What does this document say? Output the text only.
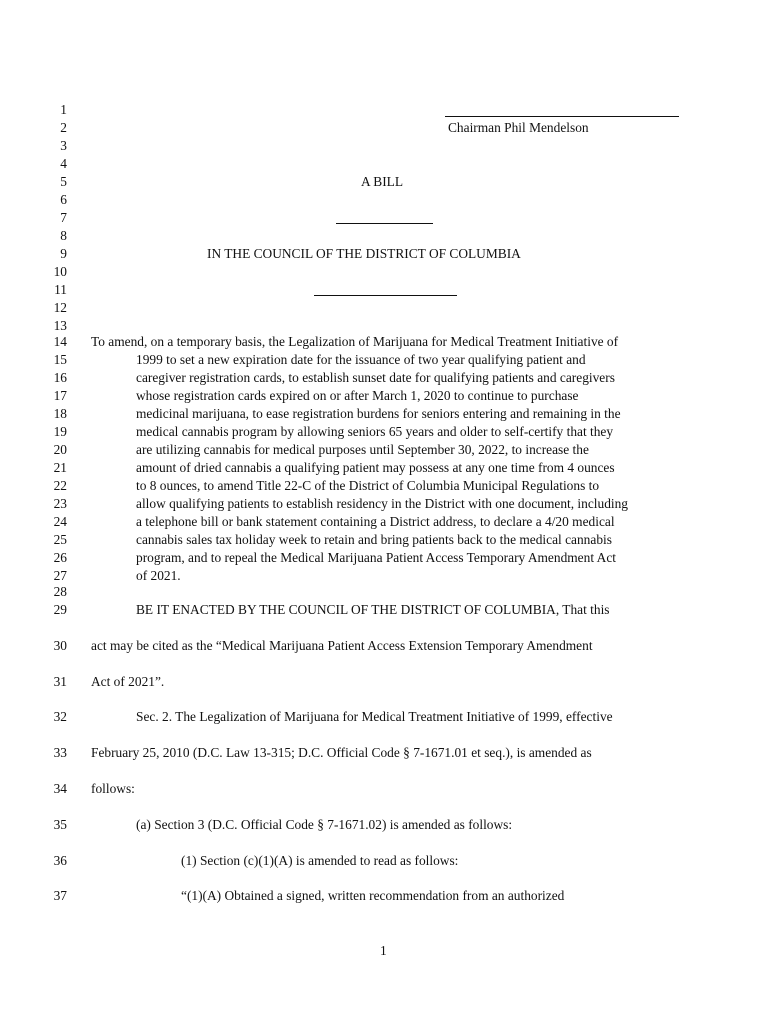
1
2
3
4
5
6
7
8
9
10
11
12
13
14
15
16
17
18
19
20
21
22
23
24
25
26
27
28
29
30
31
32
33
34
35
36
37
Chairman Phil Mendelson
A BILL
IN THE COUNCIL OF THE DISTRICT OF COLUMBIA
To amend, on a temporary basis, the Legalization of Marijuana for Medical Treatment Initiative of
1999 to set a new expiration date for the issuance of two year qualifying patient and
caregiver registration cards, to establish sunset date for qualifying patients and caregivers
whose registration cards expired on or after March 1, 2020 to continue to purchase
medicinal marijuana, to ease registration burdens for seniors entering and remaining in the
medical cannabis program by allowing seniors 65 years and older to self-certify that they
are utilizing cannabis for medical purposes until September 30, 2022, to increase the
amount of dried cannabis a qualifying patient may possess at any one time from 4 ounces
to 8 ounces, to amend Title 22-C of the District of Columbia Municipal Regulations to
allow qualifying patients to establish residency in the District with one document, including
a telephone bill or bank statement containing a District address, to declare a 4/20 medical
cannabis sales tax holiday week to retain and bring patients back to the medical cannabis
program, and to repeal the Medical Marijuana Patient Access Temporary Amendment Act
of 2021.
BE IT ENACTED BY THE COUNCIL OF THE DISTRICT OF COLUMBIA, That this
act may be cited as the “Medical Marijuana Patient Access Extension Temporary Amendment
Act of 2021”.
Sec. 2. The Legalization of Marijuana for Medical Treatment Initiative of 1999, effective
February 25, 2010 (D.C. Law 13-315; D.C. Official Code § 7-1671.01 et seq.), is amended as
follows:
(a) Section 3 (D.C. Official Code § 7-1671.02) is amended as follows:
(1) Section (c)(1)(A) is amended to read as follows:
“(1)(A) Obtained a signed, written recommendation from an authorized
1
